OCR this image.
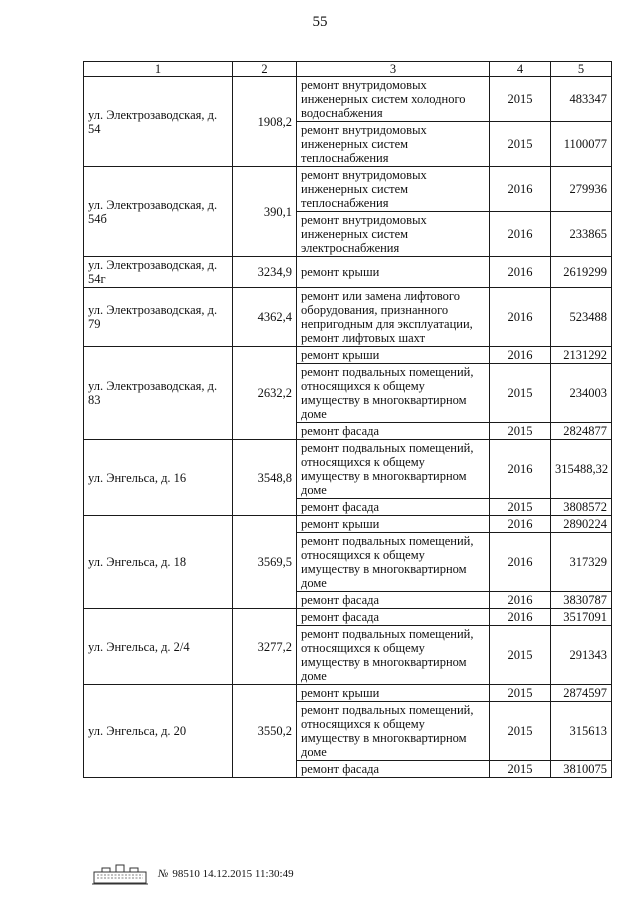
55
1	2	3	4	5
ул. Электрозаводская, д. 54	1908,2	ремонт внутридомовых инженерных систем холодного водоснабжения	2015	483347
		ремонт внутридомовых инженерных систем теплоснабжения	2015	1100077
ул. Электрозаводская, д. 54б	390,1	ремонт внутридомовых инженерных систем теплоснабжения	2016	279936
		ремонт внутридомовых инженерных систем электроснабжения	2016	233865
ул. Электрозаводская, д. 54г	3234,9	ремонт крыши	2016	2619299
ул. Электрозаводская, д. 79	4362,4	ремонт или замена лифтового оборудования, признанного непригодным для эксплуатации, ремонт лифтовых шахт	2016	523488
ул. Электрозаводская, д. 83	2632,2	ремонт крыши	2016	2131292
		ремонт подвальных помещений, относящихся к общему имуществу в многоквартирном доме	2015	234003
		ремонт фасада	2015	2824877
ул. Энгельса, д. 16	3548,8	ремонт подвальных помещений, относящихся к общему имуществу в многоквартирном доме	2016	315488,32
		ремонт фасада	2015	3808572
ул. Энгельса, д. 18	3569,5	ремонт крыши	2016	2890224
		ремонт подвальных помещений, относящихся к общему имуществу в многоквартирном доме	2016	317329
		ремонт фасада	2016	3830787
ул. Энгельса, д. 2/4	3277,2	ремонт фасада	2016	3517091
		ремонт подвальных помещений, относящихся к общему имуществу в многоквартирном доме	2015	291343
ул. Энгельса, д. 20	3550,2	ремонт крыши	2015	2874597
		ремонт подвальных помещений, относящихся к общему имуществу в многоквартирном доме	2015	315613
		ремонт фасада	2015	3810075
№ 98510 14.12.2015 11:30:49
